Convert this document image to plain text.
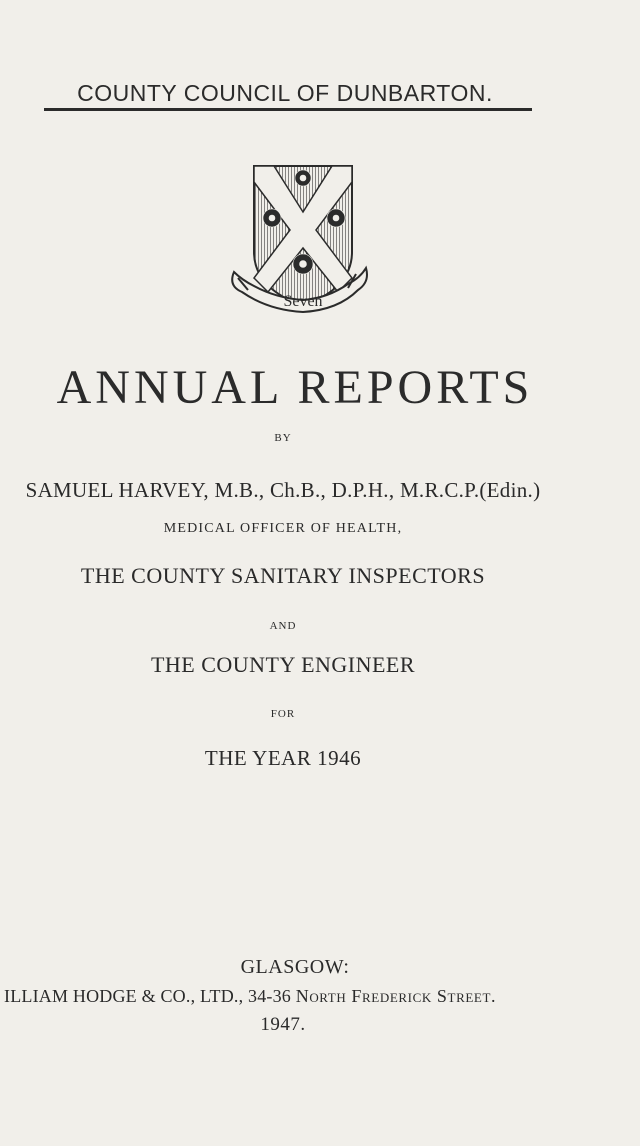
COUNTY COUNCIL OF DUNBARTON.
Seven
ANNUAL REPORTS
BY
SAMUEL HARVEY, M.B., Ch.B., D.P.H., M.R.C.P.(Edin.)
MEDICAL OFFICER OF HEALTH,
THE COUNTY SANITARY INSPECTORS
AND
THE COUNTY ENGINEER
FOR
THE YEAR 1946
GLASGOW:
ILLIAM HODGE & CO., LTD., 34-36 North Frederick Street.
1947.
